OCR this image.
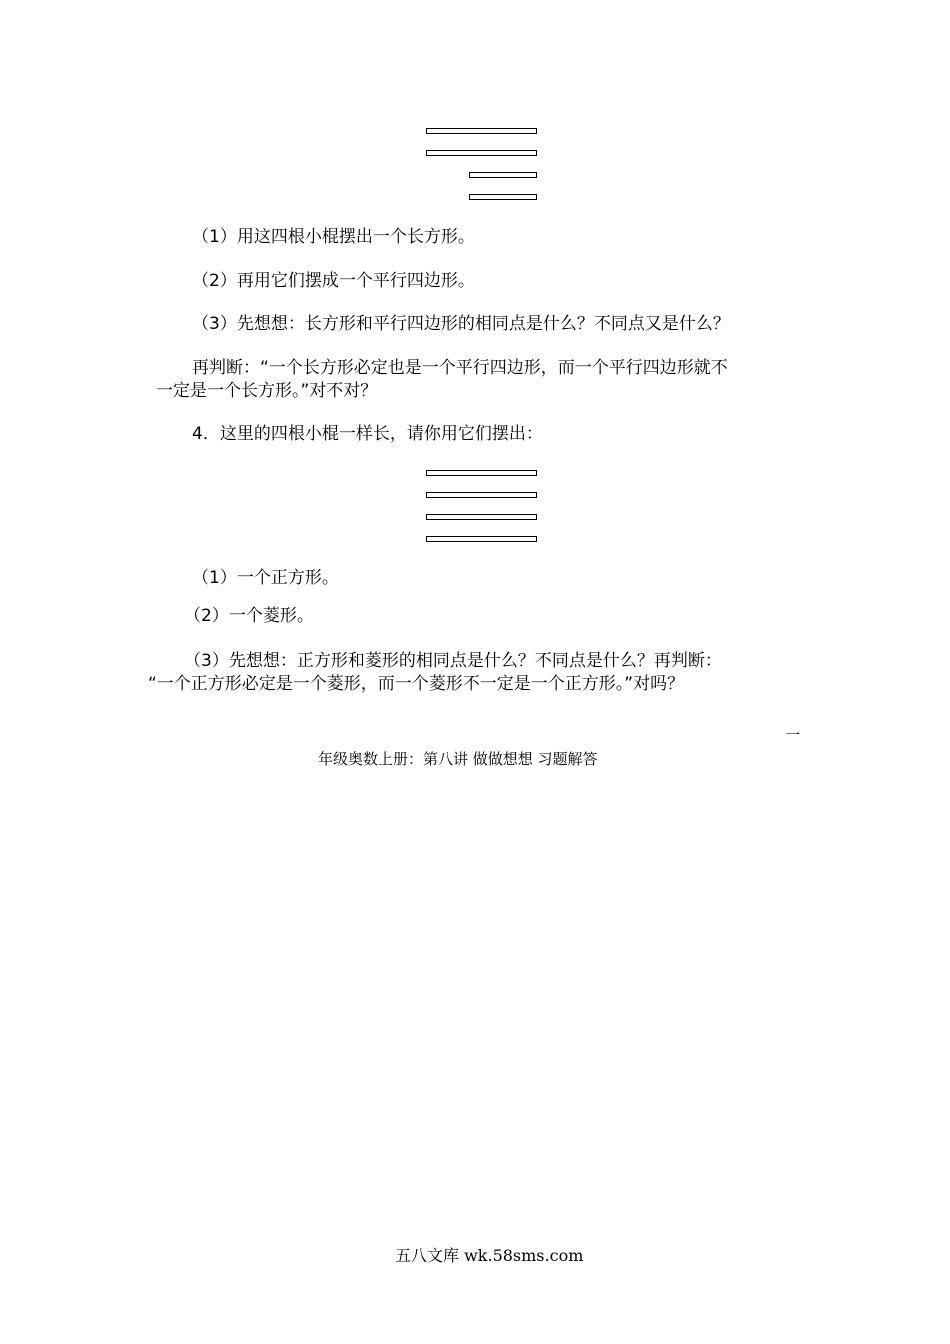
（1）用这四根小棍摆出一个长方形。
（2）再用它们摆成一个平行四边形。
（3）先想想：长方形和平行四边形的相同点是什么？不同点又是什么？
再判断：“一个长方形必定也是一个平行四边形，而一个平行四边形就不
一定是一个长方形。”对不对？
4．这里的四根小棍一样长，请你用它们摆出：
（1）一个正方形。
（2）一个菱形。
（3）先想想：正方形和菱形的相同点是什么？不同点是什么？再判断：
“一个正方形必定是一个菱形，而一个菱形不一定是一个正方形。”对吗？
一
年级奥数上册：第八讲 做做想想 习题解答
五八文库 wk.58sms.com
